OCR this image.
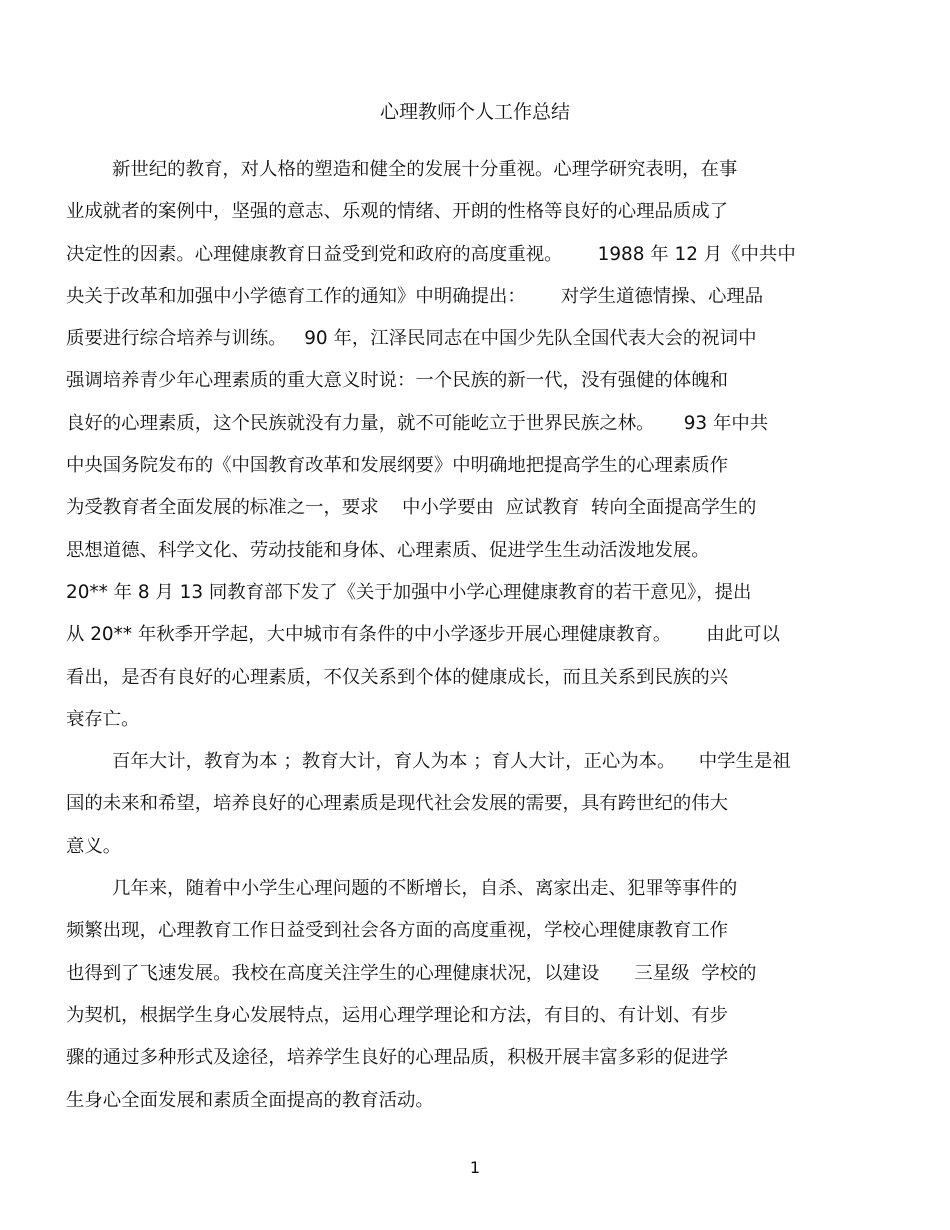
心理教师个人工作总结
新世纪的教育，对人格的塑造和健全的发展十分重视。心理学研究表明，在事
业成就者的案例中，坚强的意志、乐观的情绪、开朗的性格等良好的心理品质成了
决定性的因素。心理健康教育日益受到党和政府的高度重视。      1988 年 12 月《中共中
央关于改革和加强中小学德育工作的通知》中明确提出：      对学生道德情操、心理品
质要进行综合培养与训练。   90 年，江泽民同志在中国少先队全国代表大会的祝词中
强调培养青少年心理素质的重大意义时说：一个民族的新一代，没有强健的体魄和
良好的心理素质，这个民族就没有力量，就不可能屹立于世界民族之林。     93 年中共
中央国务院发布的《中国教育改革和发展纲要》中明确地把提高学生的心理素质作
为受教育者全面发展的标准之一，要求    中小学要由  应试教育  转向全面提高学生的
思想道德、科学文化、劳动技能和身体、心理素质、促进学生生动活泼地发展。
20** 年 8 月 13 同教育部下发了《关于加强中小学心理健康教育的若干意见》，提出
从 20** 年秋季开学起，大中城市有条件的中小学逐步开展心理健康教育。      由此可以
看出，是否有良好的心理素质，不仅关系到个体的健康成长，而且关系到民族的兴
衰存亡。
百年大计，教育为本 ；教育大计，育人为本 ；育人大计，正心为本。    中学生是祖
国的未来和希望，培养良好的心理素质是现代社会发展的需要，具有跨世纪的伟大
意义。
几年来，随着中小学生心理问题的不断增长，自杀、离家出走、犯罪等事件的
频繁出现，心理教育工作日益受到社会各方面的高度重视，学校心理健康教育工作
也得到了飞速发展。我校在高度关注学生的心理健康状况，以建设      三星级  学校的
为契机，根据学生身心发展特点，运用心理学理论和方法，有目的、有计划、有步
骤的通过多种形式及途径，培养学生良好的心理品质，积极开展丰富多彩的促进学
生身心全面发展和素质全面提高的教育活动。
1
